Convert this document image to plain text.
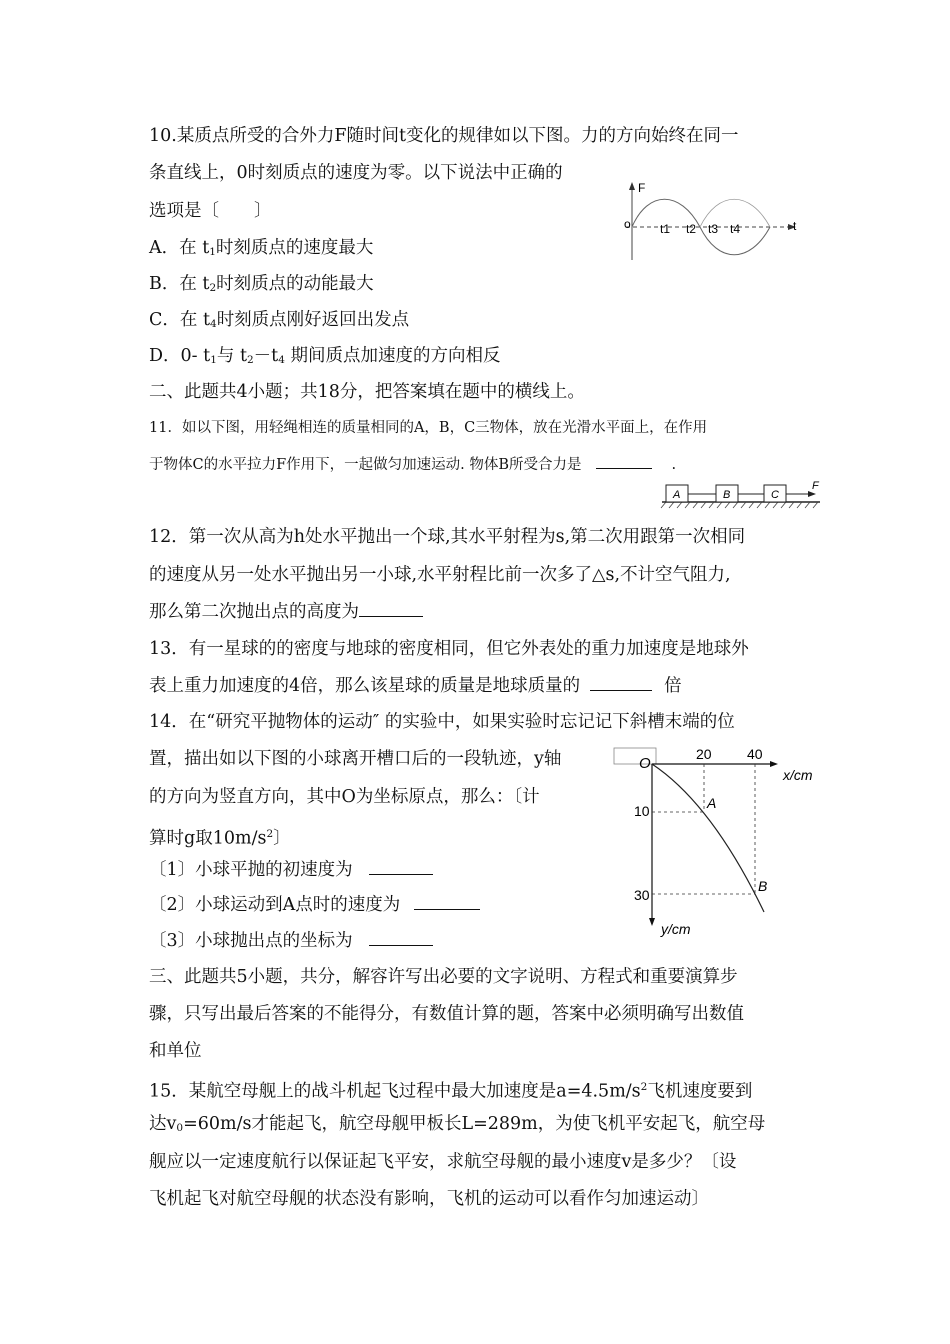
10.某质点所受的合外力F随时间t变化的规律如以下图。力的方向始终在同一
条直线上，0时刻质点的速度为零。以下说法中正确的
选项是〔　　〕
A．在 $t_1$时刻质点的速度最大
B．在 $t_2$时刻质点的动能最大
C．在 $t_4$时刻质点刚好返回出发点
D．0- $t_1$与 $t_2-t_4$ 期间质点加速度的方向相反
F
o	t
t1 t2 t3 t4
二、此题共4小题；共18分，把答案填在题中的横线上。
11．如以下图，用轻绳相连的质量相同的A，B，C三物体，放在光滑水平面上，在作用
于物体C的水平拉力F作用下，一起做匀加速运动. 物体B所受合力是	.
A	B	C
F
12．第一次从高为h处水平抛出一个球,其水平射程为s,第二次用跟第一次相同
的速度从另一处水平抛出另一小球,水平射程比前一次多了△s,不计空气阻力,
那么第二次抛出点的高度为
13．有一星球的的密度与地球的密度相同，但它外表处的重力加速度是地球外
表上重力加速度的4倍，那么该星球的质量是地球质量的	倍
14．在“研究平抛物体的运动″ 的实验中，如果实验时忘记记下斜槽末端的位
置，描出如以下图的小球离开槽口后的一段轨迹，y轴
的方向为竖直方向，其中O为坐标原点，那么：〔计
算时g取$10m/s^2$〕
〔1〕小球平抛的初速度为
〔2〕小球运动到A点时的速度为
〔3〕小球抛出点的坐标为
O
20	40
x/cm
10
30
y/cm
A
B
三、此题共5小题，共分，解容许写出必要的文字说明、方程式和重要演算步
骤，只写出最后答案的不能得分，有数值计算的题，答案中必须明确写出数值
和单位
15．某航空母舰上的战斗机起飞过程中最大加速度是$a=4.5m/s^2$飞机速度要到
达$v_0=60m/s$才能起飞，航空母舰甲板长L=289m，为使飞机平安起飞，航空母
舰应以一定速度航行以保证起飞平安，求航空母舰的最小速度v是多少？〔设
飞机起飞对航空母舰的状态没有影响，飞机的运动可以看作匀加速运动〕
